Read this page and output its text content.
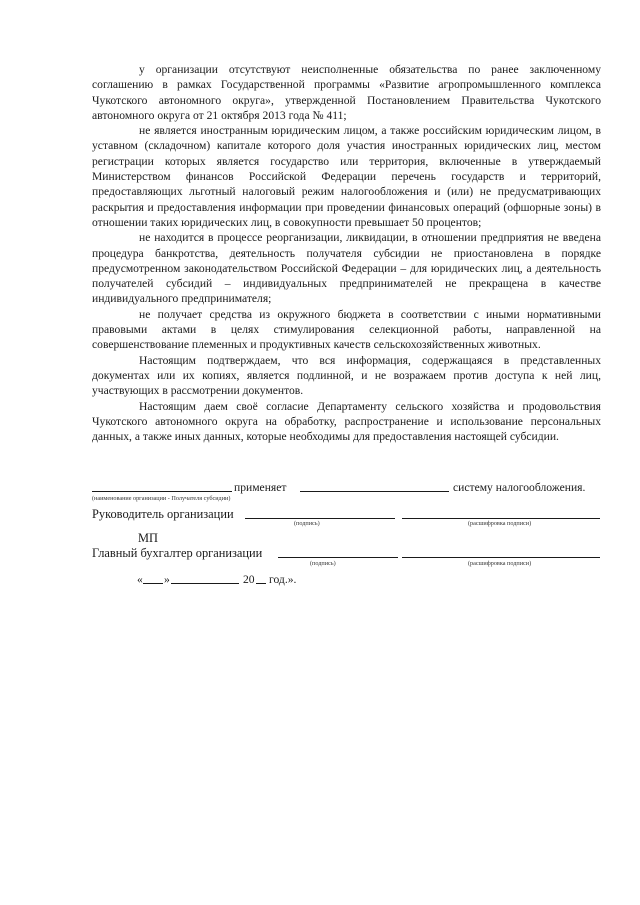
у организации отсутствуют неисполненные обязательства по ранее заключенному соглашению в рамках Государственной программы «Развитие агропромышленного комплекса Чукотского автономного округа», утвержденной Постановлением Правительства Чукотского автономного округа от 21 октября 2013 года № 411;

не является иностранным юридическим лицом, а также российским юридическим лицом, в уставном (складочном) капитале которого доля участия иностранных юридических лиц, местом регистрации которых является государство или территория, включенные в утверждаемый Министерством финансов Российской Федерации перечень государств и территорий, предоставляющих льготный налоговый режим налогообложения и (или) не предусматривающих раскрытия и предоставления информации при проведении финансовых операций (офшорные зоны) в отношении таких юридических лиц, в совокупности превышает 50 процентов;

не находится в процессе реорганизации, ликвидации, в отношении предприятия не введена процедура банкротства, деятельность получателя субсидии не приостановлена в порядке предусмотренном законодательством Российской Федерации – для юридических лиц, а деятельность получателей субсидий – индивидуальных предпринимателей не прекращена в качестве индивидуального предпринимателя;

не получает средства из окружного бюджета в соответствии с иными нормативными правовыми актами в целях стимулирования селекционной работы, направленной на совершенствование племенных и продуктивных качеств сельскохозяйственных животных.

Настоящим подтверждаем, что вся информация, содержащаяся в представленных документах или их копиях, является подлинной, и не возражаем против доступа к ней лиц, участвующих в рассмотрении документов.

Настоящим даем своё согласие Департаменту сельского хозяйства и продовольствия Чукотского автономного округа на обработку, распространение и использование персональных данных, а также иных данных, которые необходимы для предоставления настоящей субсидии.

применяет	систему налогообложения.
(наименование организации - Получателя субсидии)
Руководитель организации
(подпись)	(расшифровка подписи)
МП
Главный бухгалтер организации
(подпись)	(расшифровка подписи)
« »	20 год.».
